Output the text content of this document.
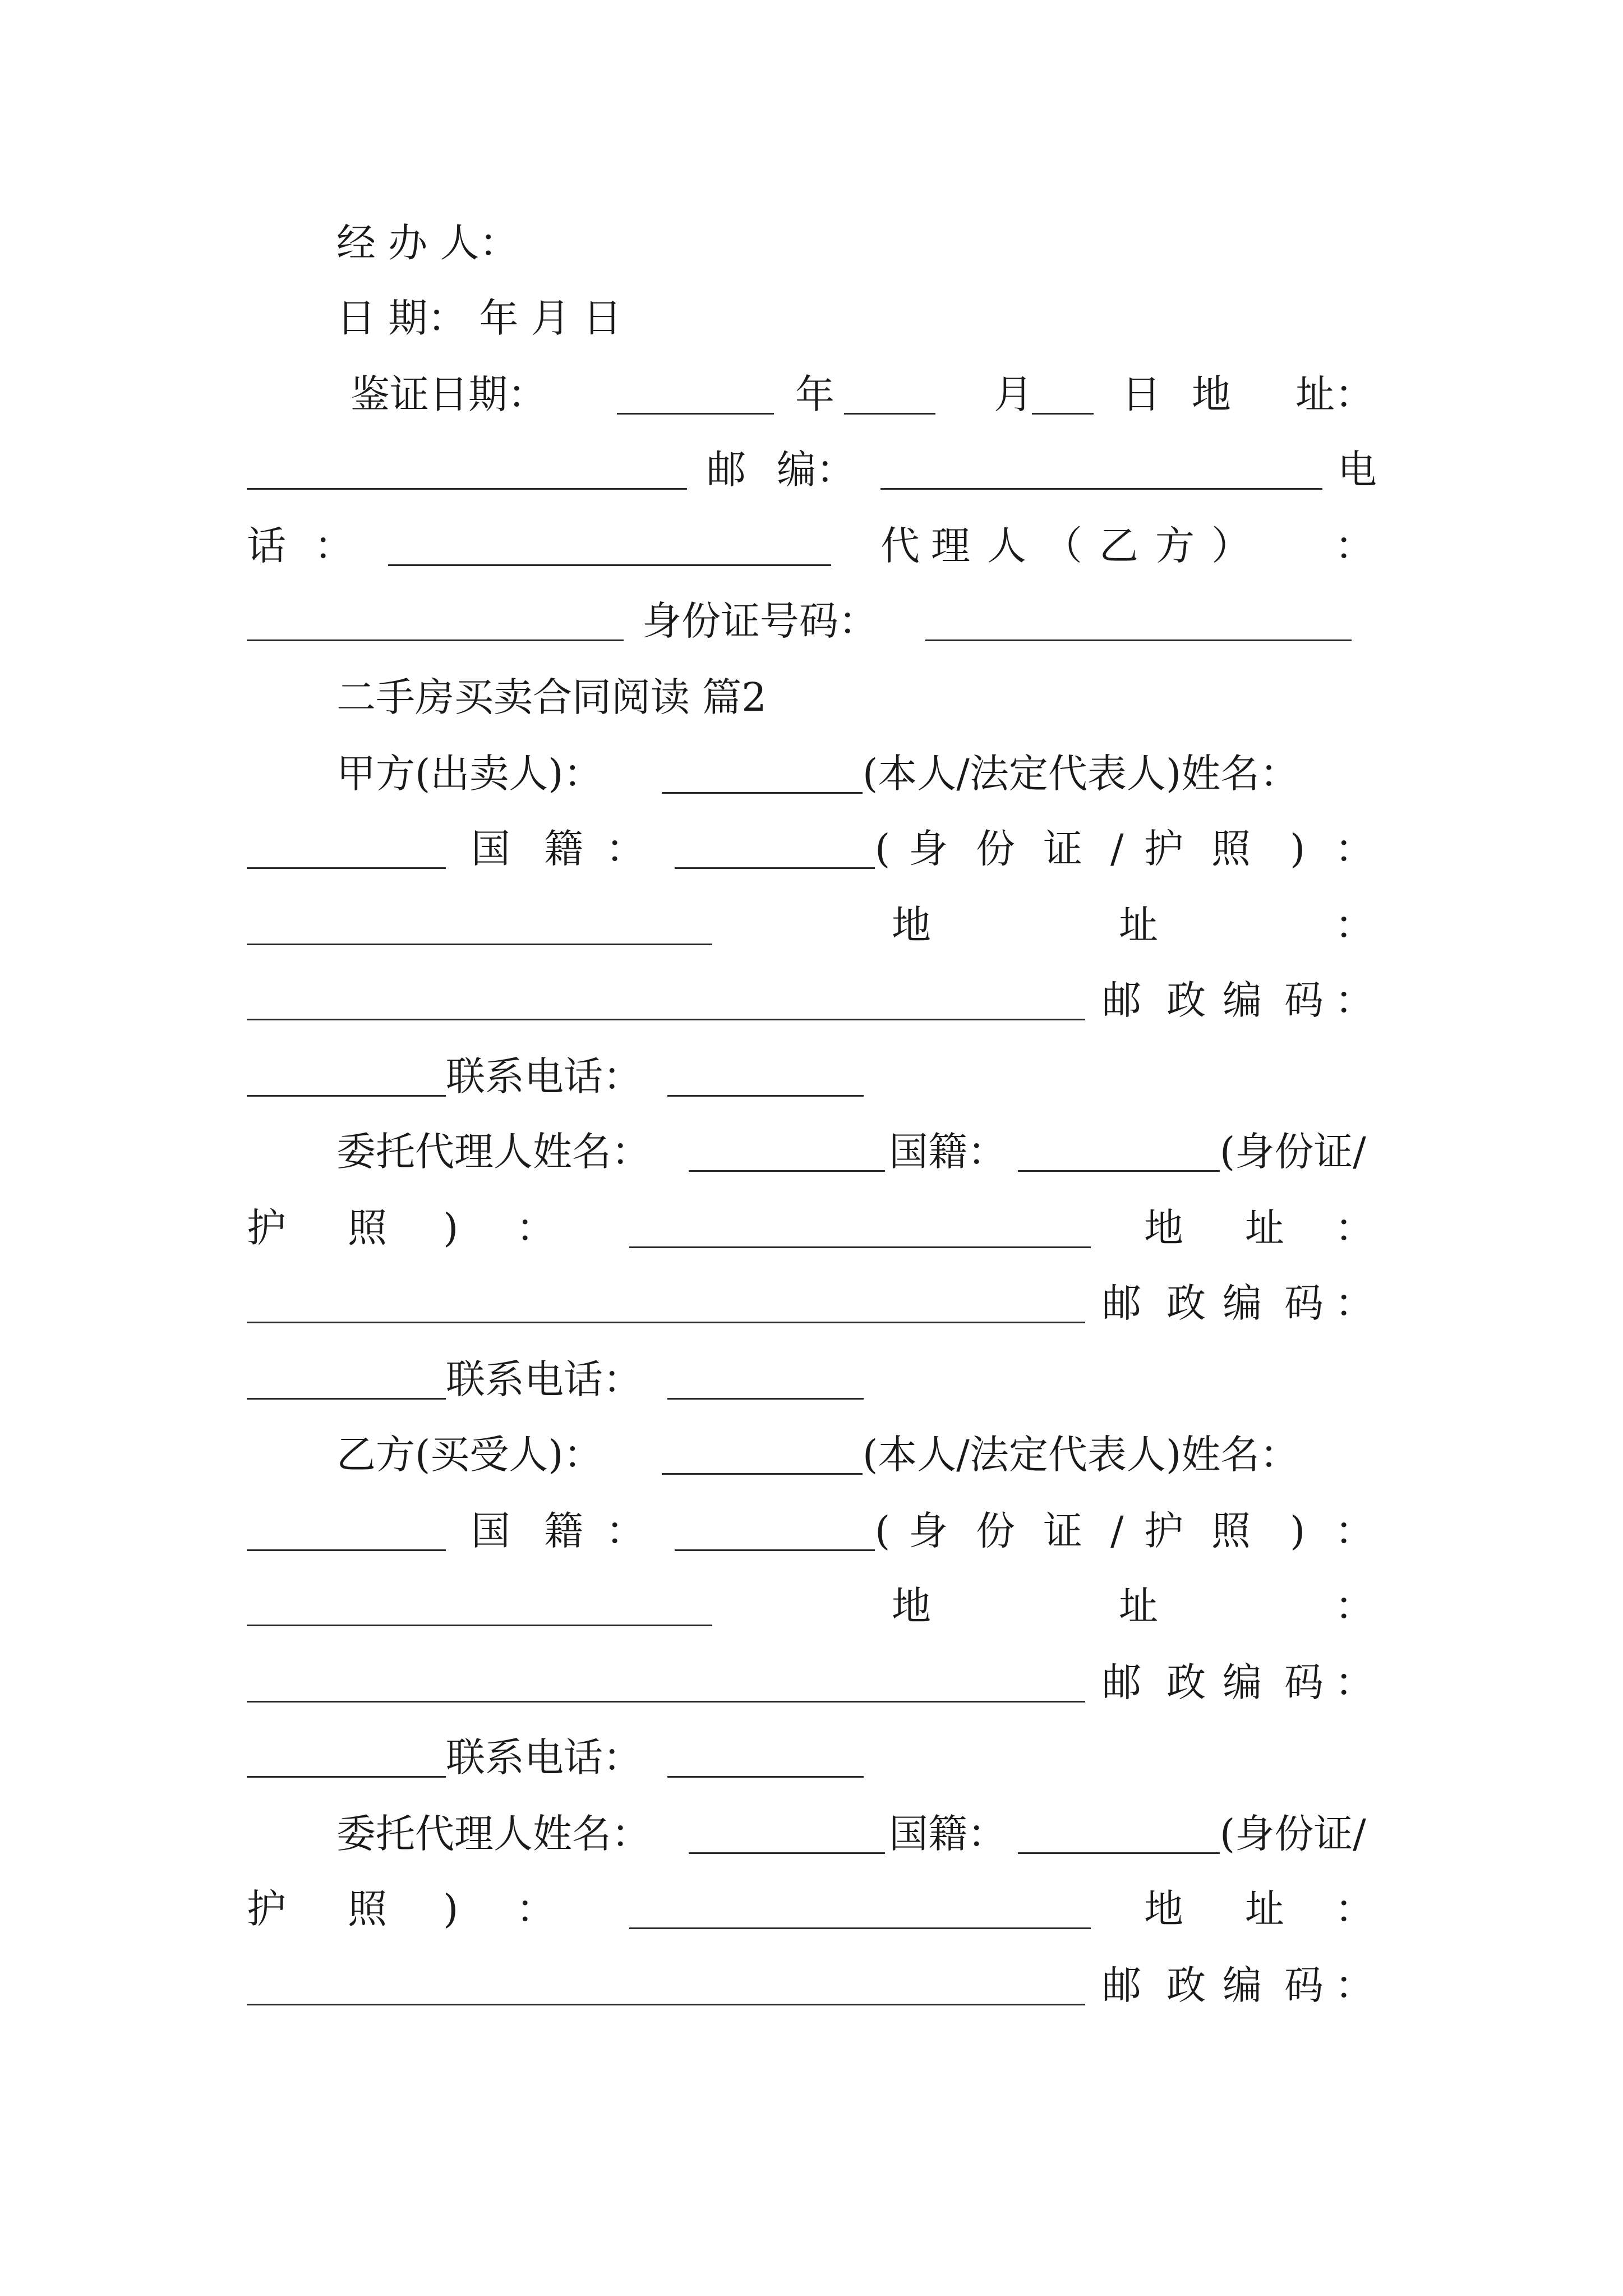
经 办 人：
日 期： 年 月 日
鉴证日期：	年	月 日 地 址：
邮 编：	电
话 ：	代 理 人 （ 乙 方 ） ：
身份证号码：
二手房买卖合同阅读 篇2
甲方(出卖人)：	(本人/法定代表人)姓名：
国 籍 ：	( 身 份 证 / 护 照 ) ：
地	址	：
邮 政 编 码 ：
联系电话：
委托代理人姓名：	国籍：	(身份证/
护 照 ) ：	地 址 ：
邮 政 编 码 ：
联系电话：
乙方(买受人)：	(本人/法定代表人)姓名：
国 籍 ：	( 身 份 证 / 护 照 ) ：
地	址	：
邮 政 编 码 ：
联系电话：
委托代理人姓名：	国籍：	(身份证/
护 照 ) ：	地 址 ：
邮 政 编 码 ：
